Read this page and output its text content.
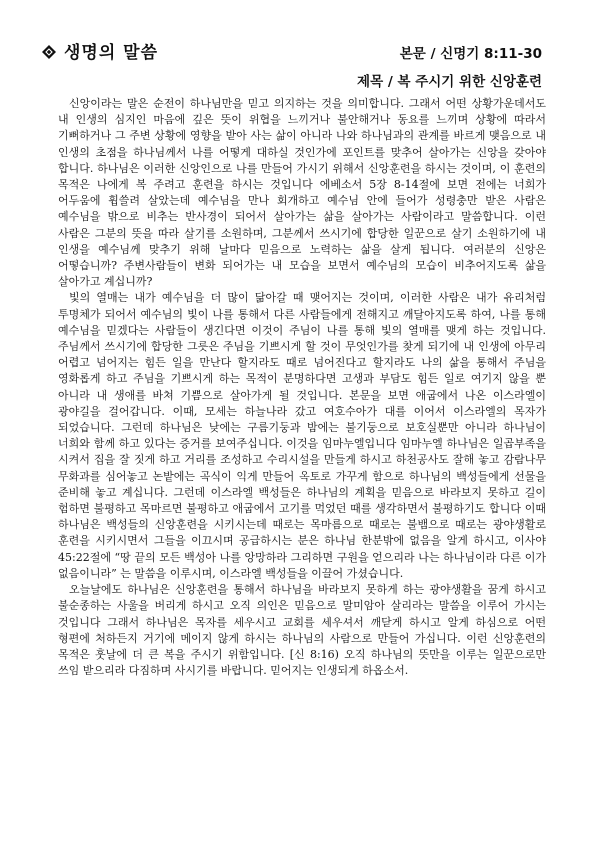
생명의 말씀	본문 / 신명기 8:11-30
제목 / 복 주시기 위한 신앙훈련

신앙이라는 말은 순전이 하나님만을 믿고 의지하는 것을 의미합니다. 그래서 어떤 상황가운데서도 내 인생의 심지인 마음에 깊은 뜻이 위협을 느끼거나 불안해거나 동요를 느끼며 상황에 따라서 기뻐하거나 그 주변 상황에 영향을 받아 사는 삶이 아니라 나와 하나님과의 관계를 바르게 맺음으로 내 인생의 초점을 하나님께서 나를 어떻게 대하실 것인가에 포인트를 맞추어 살아가는 신앙을 갖아야 합니다. 하나님은 이러한 신앙인으로 나를 만들어 가시기 위해서 신앙훈련을 하시는 것이며, 이 훈련의 목적은 나에게 복 주려고 훈련을 하시는 것입니다 에베소서 5장 8-14절에 보면 전에는 너희가 어두움에 휩쓸려 살았는데 예수님을 만나 회개하고 예수님 안에 들어가 성령충만 받은 사람은 예수님을 밖으로 비추는 반사경이 되어서 살아가는 삶을 살아가는 사람이라고 말씀합니다. 이런 사람은 그분의 뜻을 따라 살기를 소원하며, 그분께서 쓰시기에 합당한 일꾼으로 살기 소원하기에 내 인생을 예수님께 맞추기 위해 날마다 믿음으로 노력하는 삶을 살게 됩니다. 여러분의 신앙은 어떻습니까? 주변사람들이 변화 되어가는 내 모습을 보면서 예수님의 모습이 비추어지도록 삶을 살아가고 계십니까?

빛의 열매는 내가 예수님을 더 많이 닮아갈 때 맺어지는 것이며, 이러한 사람은 내가 유리처럼 투명체가 되어서 예수님의 빛이 나를 통해서 다른 사람들에게 전해지고 깨달아지도록 하여, 나를 통해 예수님을 믿겠다는 사람들이 생긴다면 이것이 주님이 나를 통해 빛의 열매를 맺게 하는 것입니다. 주님께서 쓰시기에 합당한 그릇은 주님을 기쁘시게 할 것이 무엇인가를 찾게 되기에 내 인생에 아무리 어렵고 넘어지는 힘든 일을 만난다 할지라도 때로 넘어진다고 할지라도 나의 삶을 통해서 주님을 영화롭게 하고 주님을 기쁘시게 하는 목적이 분명하다면 고생과 부담도 힘든 일로 여기지 않을 뿐 아니라 내 생애를 바쳐 기쁨으로 살아가게 될 것입니다. 본문을 보면 애굽에서 나온 이스라엘이 광야길을 걸어갑니다. 이때, 모세는 하늘나라 갔고 여호수아가 대를 이어서 이스라엘의 목자가 되었습니다. 그런데 하나님은 낮에는 구름기둥과 밤에는 불기둥으로 보호실뿐만 아니라 하나님이 너희와 함께 하고 있다는 증거를 보여주십니다. 이것을 임마누엘입니다 임마누엘 하나님은 일곱부족을 시켜서 집을 잘 짓게 하고 거리를 조성하고 수리시설을 만들게 하시고 하천공사도 잘해 놓고 감람나무 무화과를 심어놓고 논밭에는 곡식이 익게 만들어 옥토로 가꾸게 함으로 하나님의 백성들에게 선물을 준비해 놓고 계십니다. 그런데 이스라엘 백성들은 하나님의 계획을 믿음으로 바라보지 못하고 길이 험하면 불평하고 목마르면 불평하고 애굽에서 고기를 먹었던 때를 생각하면서 불평하기도 합니다 이때 하나님은 백성들의 신앙훈련을 시키시는데 때로는 목마름으로 때로는 불뱀으로 때로는 광야생활로 훈련을 시키시면서 그들을 이끄시며 공급하시는 분은 하나님 한분밖에 없음을 알게 하시고, 이사야 45:22절에 “땅 끝의 모든 백성아 나를 앙망하라 그리하면 구원을 얻으리라 나는 하나님이라 다른 이가 없음이니라” 는 말씀을 이루시며, 이스라엘 백성들을 이끌어 가셨습니다.

오늘날에도 하나님은 신앙훈련을 통해서 하나님을 바라보지 못하게 하는 광야생활을 꿈게 하시고 불순종하는 사울을 버리게 하시고 오직 의인은 믿음으로 말미암아 살리라는 말씀을 이루어 가시는 것입니다 그래서 하나님은 목자를 세우시고 교회를 세우셔서 깨닫게 하시고 알게 하심으로 어떤 형편에 처하든지 거기에 메이지 않게 하시는 하나님의 사람으로 만들어 가십니다. 이런 신앙훈련의 목적은 훗날에 더 큰 복을 주시기 위함입니다. [신 8:16) 오직 하나님의 뜻만을 이루는 일꾼으로만 쓰임 받으리라 다짐하며 사시기를 바랍니다. 믿어지는 인생되게 하옵소서.
